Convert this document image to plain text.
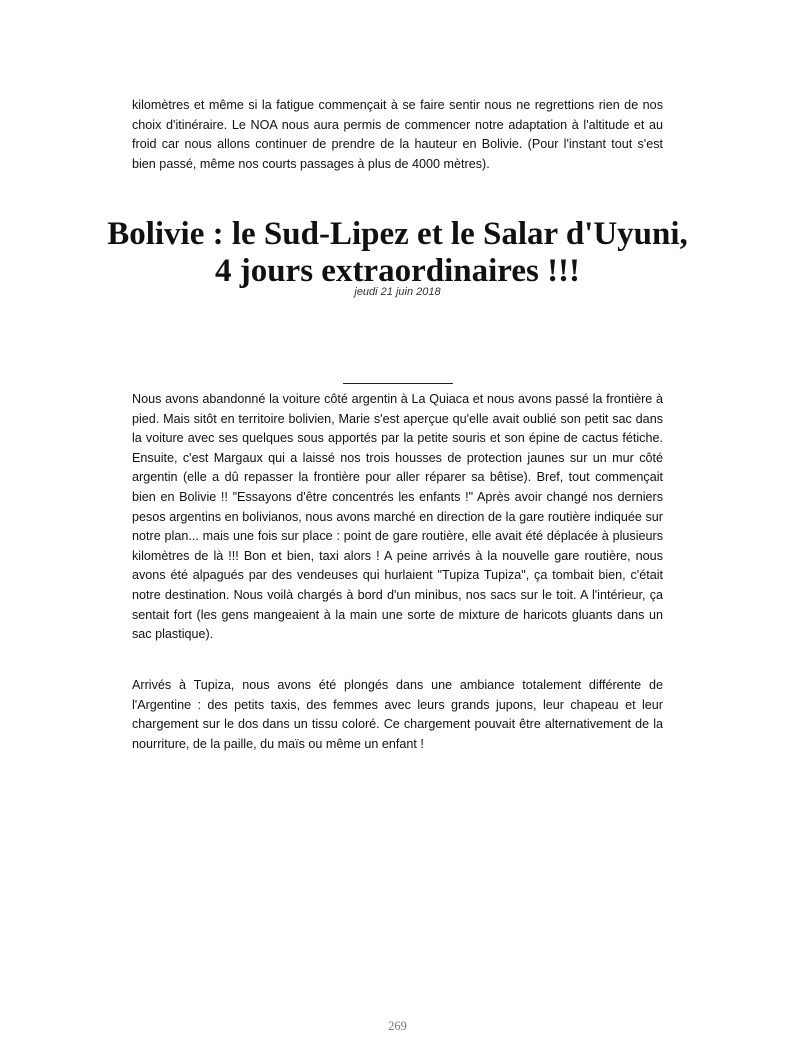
kilomètres et même si la fatigue commençait à se faire sentir nous ne regrettions rien de nos choix d'itinéraire. Le NOA nous aura permis de commencer notre adaptation à l'altitude et au froid car nous allons continuer de prendre de la hauteur en Bolivie. (Pour l'instant tout s'est bien passé, même nos courts passages à plus de 4000 mètres).

Bolivie : le Sud-Lipez et le Salar d'Uyuni, 4 jours extraordinaires !!!
jeudi 21 juin 2018

Nous avons abandonné la voiture côté argentin à La Quiaca et nous avons passé la frontière à pied. Mais sitôt en territoire bolivien, Marie s'est aperçue qu'elle avait oublié son petit sac dans la voiture avec ses quelques sous apportés par la petite souris et son épine de cactus fétiche. Ensuite, c'est Margaux qui a laissé nos trois housses de protection jaunes sur un mur côté argentin (elle a dû repasser la frontière pour aller réparer sa bêtise). Bref, tout commençait bien en Bolivie !! "Essayons d'être concentrés les enfants !" Après avoir changé nos derniers pesos argentins en bolivianos, nous avons marché en direction de la gare routière indiquée sur notre plan... mais une fois sur place : point de gare routière, elle avait été déplacée à plusieurs kilomètres de là !!! Bon et bien, taxi alors ! A peine arrivés à la nouvelle gare routière, nous avons été alpagués par des vendeuses qui hurlaient "Tupiza Tupiza", ça tombait bien, c'était notre destination. Nous voilà chargés à bord d'un minibus, nos sacs sur le toit. A l'intérieur, ça sentait fort (les gens mangeaient à la main une sorte de mixture de haricots gluants dans un sac plastique).

Arrivés à Tupiza, nous avons été plongés dans une ambiance totalement différente de l'Argentine : des petits taxis, des femmes avec leurs grands jupons, leur chapeau et leur chargement sur le dos dans un tissu coloré. Ce chargement pouvait être alternativement de la nourriture, de la paille, du maïs ou même un enfant !

269
